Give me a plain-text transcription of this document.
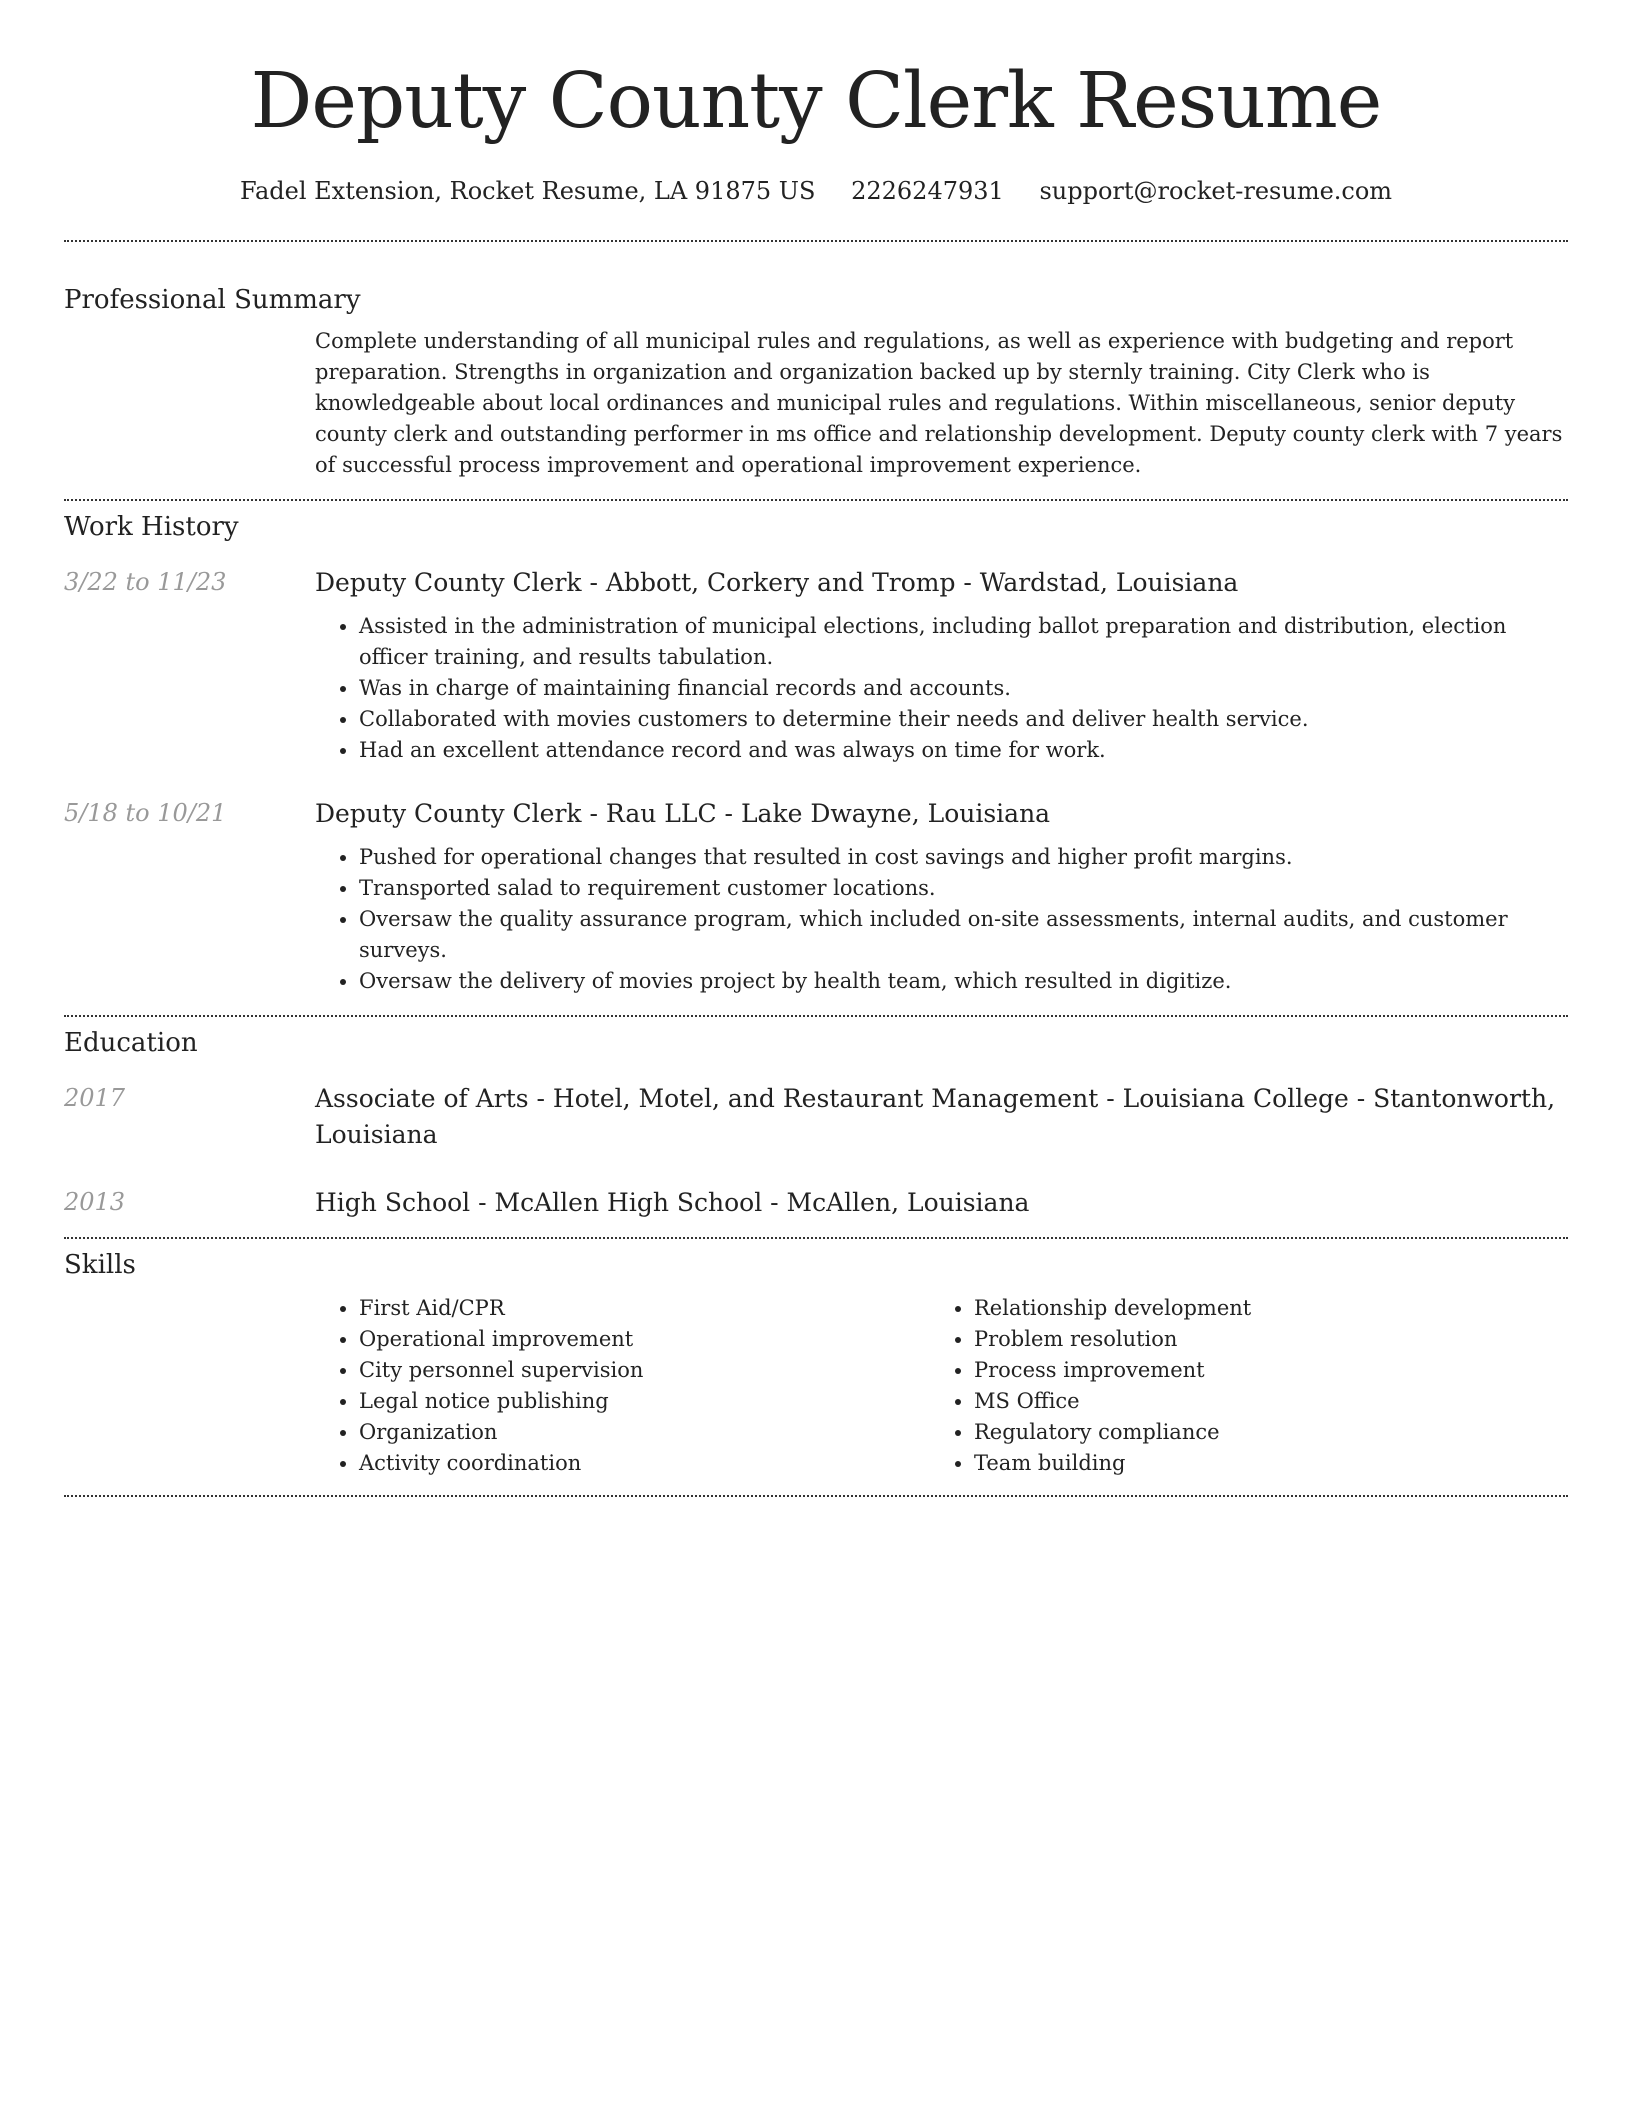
Deputy County Clerk Resume
Fadel Extension, Rocket Resume, LA 91875 US 2226247931 support@rocket-resume.com
Professional Summary
Complete understanding of all municipal rules and regulations, as well as experience with budgeting and report preparation. Strengths in organization and organization backed up by sternly training. City Clerk who is knowledgeable about local ordinances and municipal rules and regulations. Within miscellaneous, senior deputy county clerk and outstanding performer in ms office and relationship development. Deputy county clerk with 7 years of successful process improvement and operational improvement experience.
Work History
3/22 to 11/23	Deputy County Clerk - Abbott, Corkery and Tromp - Wardstad, Louisiana
• Assisted in the administration of municipal elections, including ballot preparation and distribution, election officer training, and results tabulation.
• Was in charge of maintaining financial records and accounts.
• Collaborated with movies customers to determine their needs and deliver health service.
• Had an excellent attendance record and was always on time for work.
5/18 to 10/21	Deputy County Clerk - Rau LLC - Lake Dwayne, Louisiana
• Pushed for operational changes that resulted in cost savings and higher profit margins.
• Transported salad to requirement customer locations.
• Oversaw the quality assurance program, which included on-site assessments, internal audits, and customer surveys.
• Oversaw the delivery of movies project by health team, which resulted in digitize.
Education
2017	Associate of Arts - Hotel, Motel, and Restaurant Management - Louisiana College - Stantonworth, Louisiana
2013	High School - McAllen High School - McAllen, Louisiana
Skills
• First Aid/CPR
• Operational improvement
• City personnel supervision
• Legal notice publishing
• Organization
• Activity coordination
• Relationship development
• Problem resolution
• Process improvement
• MS Office
• Regulatory compliance
• Team building
